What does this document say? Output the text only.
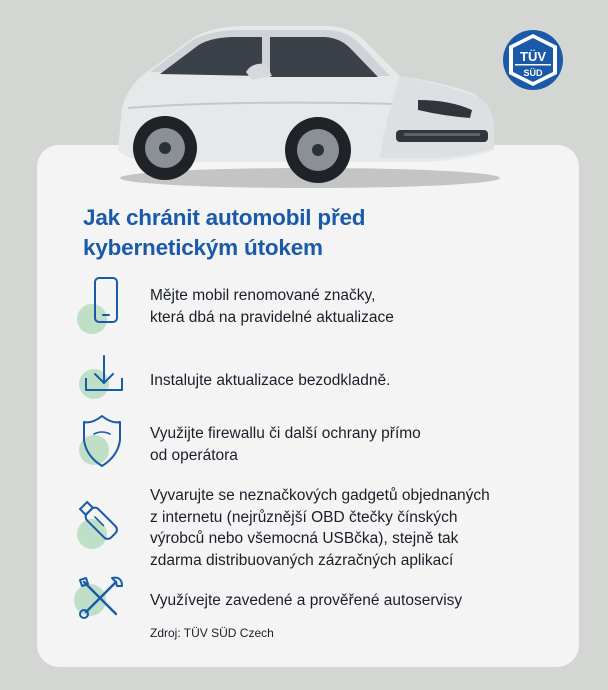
TÜV
SÜD
Jak chránit automobil před
kybernetickým útokem
Mějte mobil renomované značky,
která dbá na pravidelné aktualizace
Instalujte aktualizace bezodkladně.
Využijte firewallu či další ochrany přímo
od operátora
Vyvarujte se neznačkových gadgetů objednaných
z internetu (nejrůznější OBD čtečky čínských
výrobců nebo všemocná USBčka), stejně tak
zdarma distribuovaných zázračných aplikací
Využívejte zavedené a prověřené autoservisy
Zdroj: TÜV SÜD Czech
